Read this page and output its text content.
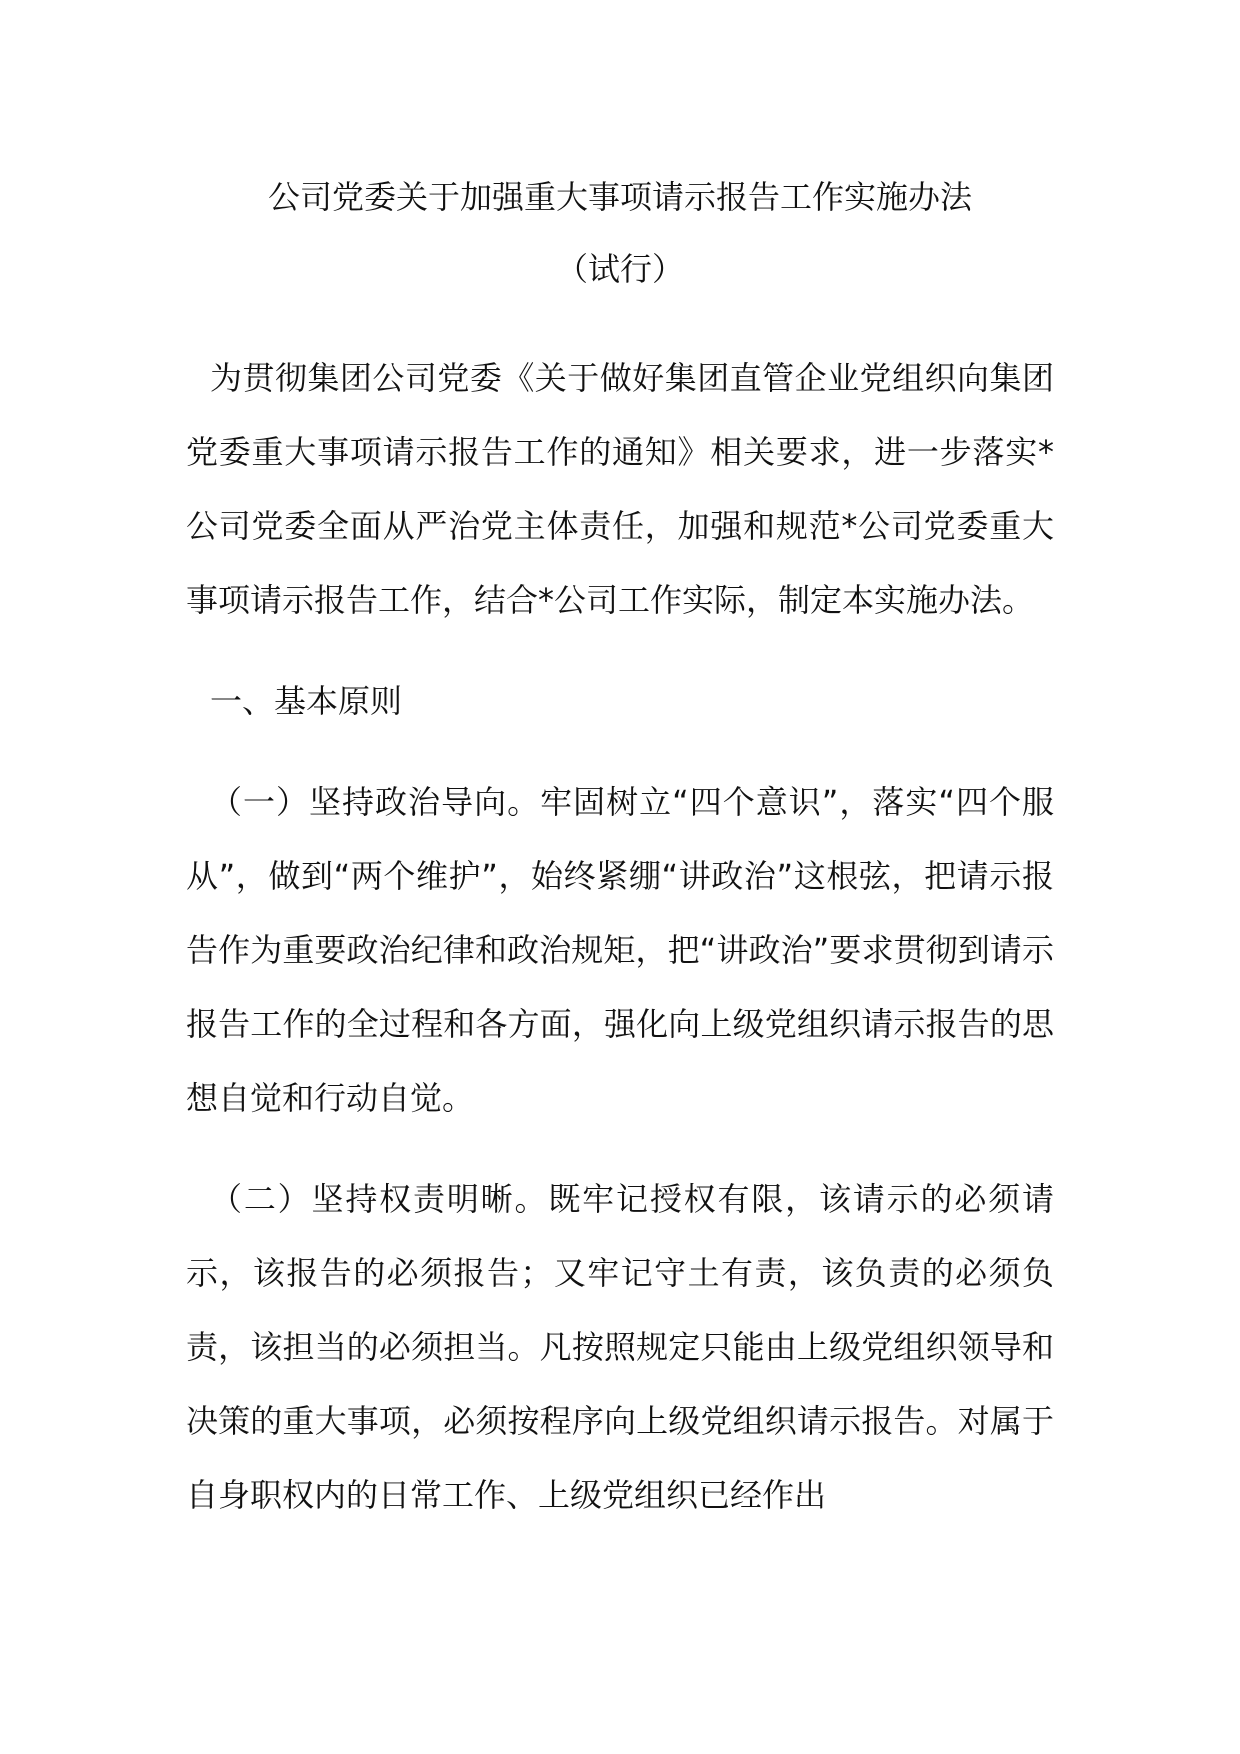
公司党委关于加强重大事项请示报告工作实施办法
（试行）

为贯彻集团公司党委《关于做好集团直管企业党组织向集团党委重大事项请示报告工作的通知》相关要求，进一步落实*公司党委全面从严治党主体责任，加强和规范*公司党委重大事项请示报告工作，结合*公司工作实际，制定本实施办法。

一、基本原则

（一）坚持政治导向。牢固树立“四个意识”，落实“四个服从”，做到“两个维护”，始终紧绷“讲政治”这根弦，把请示报告作为重要政治纪律和政治规矩，把“讲政治”要求贯彻到请示报告工作的全过程和各方面，强化向上级党组织请示报告的思想自觉和行动自觉。

（二）坚持权责明晰。既牢记授权有限，该请示的必须请示，该报告的必须报告；又牢记守土有责，该负责的必须负责，该担当的必须担当。凡按照规定只能由上级党组织领导和决策的重大事项，必须按程序向上级党组织请示报告。对属于自身职权内的日常工作、上级党组织已经作出
